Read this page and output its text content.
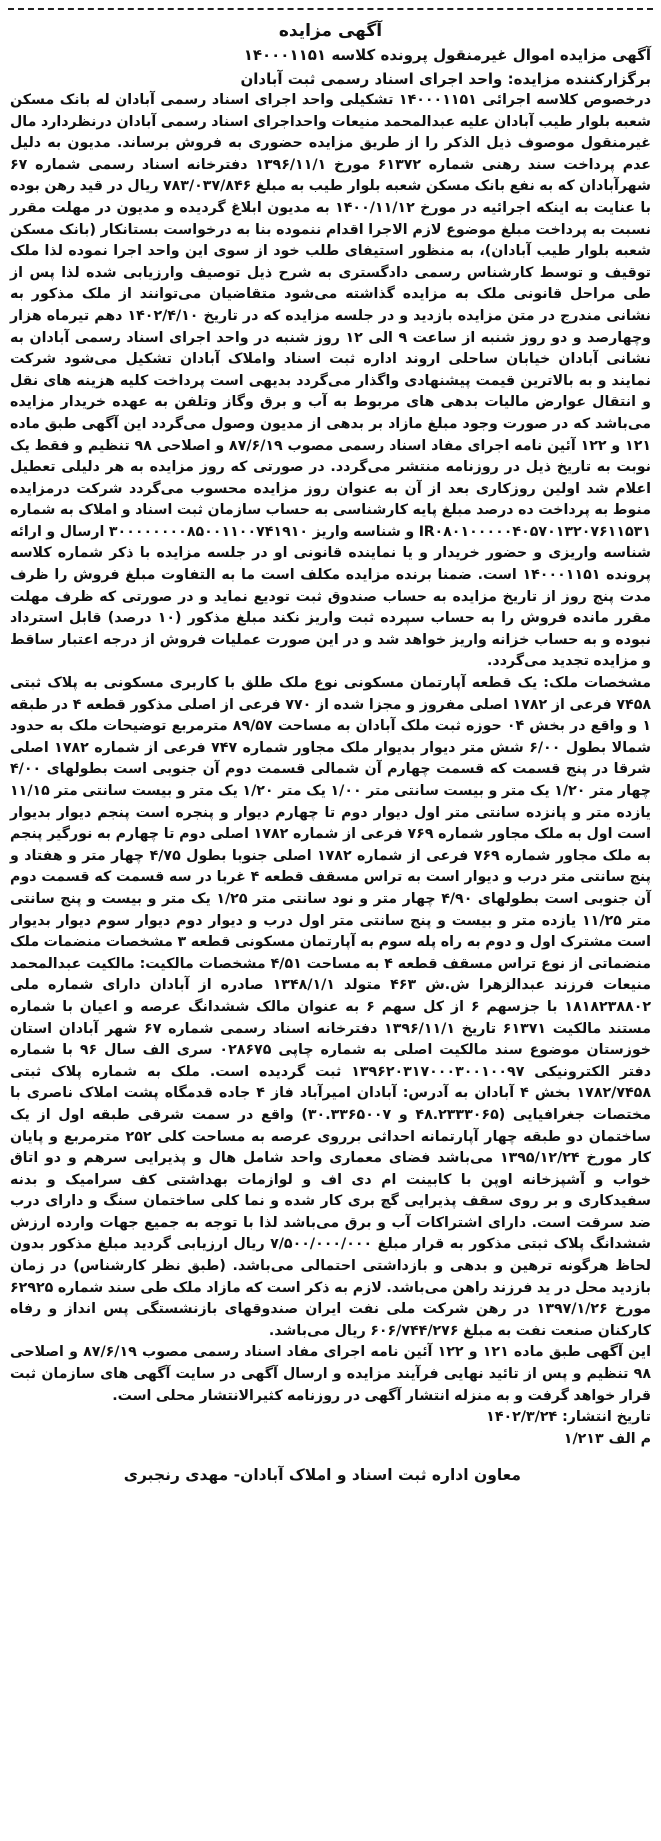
آگهی مزایده

آگهی مزایده اموال غیرمنقول پرونده کلاسه ۱۴۰۰۰۱۱۵۱

برگزارکننده مزایده: واحد اجرای اسناد رسمی ثبت آبادان

درخصوص کلاسه اجرائی ۱۴۰۰۰۱۱۵۱ تشکیلی واحد اجرای اسناد رسمی آبادان له بانک مسکن شعبه بلوار طیب آبادان علیه عبدالمحمد منیعات واحداجرای اسناد رسمی آبادان درنظردارد مال غیرمنقول موصوف ذیل الذکر را از طریق مزایده حضوری به فروش برساند. مدیون به دلیل عدم پرداخت سند رهنی شماره ۶۱۳۷۲ مورخ ۱۳۹۶/۱۱/۱ دفترخانه اسناد رسمی شماره ۶۷ شهرآبادان که به نفع بانک مسکن شعبه بلوار طیب به مبلغ ۷۸۳/۰۳۷/۸۴۶ ریال در قید رهن بوده با عنایت به اینکه اجرائیه در مورخ ۱۴۰۰/۱۱/۱۲ به مدیون ابلاغ گردیده و مدیون در مهلت مقرر نسبت به پرداخت مبلغ موضوع لازم الاجرا اقدام ننموده بنا به درخواست بستانکار (بانک مسکن شعبه بلوار طیب آبادان)، به منظور استیفای طلب خود از سوی این واحد اجرا نموده لذا ملک توقیف و توسط کارشناس رسمی دادگستری به شرح ذیل توصیف وارزیابی شده لذا پس از طی مراحل قانونی ملک به مزایده گذاشته می‌شود متقاضیان می‌توانند از ملک مذکور به نشانی مندرج در متن مزایده بازدید و در جلسه مزایده که در تاریخ ۱۴۰۲/۴/۱۰ دهم تیرماه هزار وچهارصد و دو روز شنبه از ساعت ۹ الی ۱۲ روز شنبه در واحد اجرای اسناد رسمی آبادان به نشانی آبادان خیابان ساحلی اروند اداره ثبت اسناد واملاک آبادان تشکیل می‌شود شرکت نمایند و به بالاترین قیمت پیشنهادی واگذار می‌گردد بدیهی است پرداخت کلیه هزینه های نقل و انتقال عوارض مالیات بدهی های مربوط به آب و برق وگاز وتلفن به عهده خریدار مزایده می‌باشد که در صورت وجود مبلغ مازاد بر بدهی از مدیون وصول می‌گردد این آگهی طبق ماده ۱۲۱ و ۱۲۲ آئین نامه اجرای مفاد اسناد رسمی مصوب ۸۷/۶/۱۹ و اصلاحی ۹۸ تنظیم و فقط یک نوبت به تاریخ ذیل در روزنامه منتشر می‌گردد. در صورتی که روز مزایده به هر دلیلی تعطیل اعلام شد اولین روزکاری بعد از آن به عنوان روز مزایده محسوب می‌گردد شرکت درمزایده منوط به پرداخت ده درصد مبلغ پایه کارشناسی به حساب سازمان ثبت اسناد و املاک به شماره IR۰۸۰۱۰۰۰۰۰۴۰۵۷۰۱۳۲۰۷۶۱۱۵۳۱ و شناسه واریز ۳۰۰۰۰۰۰۰۰۸۵۰۰۱۱۰۰۷۴۱۹۱۰ ارسال و ارائه شناسه واریزی و حضور خریدار و یا نماینده قانونی او در جلسه مزایده با ذکر شماره کلاسه پرونده ۱۴۰۰۰۱۱۵۱ است. ضمنا برنده مزایده مکلف است ما به التفاوت مبلغ فروش را ظرف مدت پنج روز از تاریخ مزایده به حساب صندوق ثبت تودیع نماید و در صورتی که ظرف مهلت مقرر مانده فروش را به حساب سپرده ثبت واریز نکند مبلغ مذکور (۱۰ درصد) قابل استرداد نبوده و به حساب خزانه واریز خواهد شد و در این صورت عملیات فروش از درجه اعتبار ساقط و مزایده تجدید می‌گردد.

مشخصات ملک: یک قطعه آپارتمان مسکونی نوع ملک طلق با کاربری مسکونی به پلاک ثبتی ۷۴۵۸ فرعی از ۱۷۸۲ اصلی مفروز و مجزا شده از ۷۷۰ فرعی از اصلی مذکور قطعه ۴ در طبقه ۱ و واقع در بخش ۰۴ حوزه ثبت ملک آبادان به مساحت ۸۹/۵۷ مترمربع توضیحات ملک به حدود شمالا بطول ۶/۰۰ شش متر دیوار بدیوار ملک مجاور شماره ۷۴۷ فرعی از شماره ۱۷۸۲ اصلی شرقا در پنج قسمت که قسمت چهارم آن شمالی قسمت دوم آن جنوبی است بطولهای ۴/۰۰ چهار متر ۱/۲۰ یک متر و بیست سانتی متر ۱/۰۰ یک متر ۱/۲۰ یک متر و بیست سانتی متر ۱۱/۱۵ یازده متر و پانزده سانتی متر اول دیوار دوم تا چهارم دیوار و پنجره است پنجم دیوار بدیوار است اول به ملک مجاور شماره ۷۶۹ فرعی از شماره ۱۷۸۲ اصلی دوم تا چهارم به نورگیر پنجم به ملک مجاور شماره ۷۶۹ فرعی از شماره ۱۷۸۲ اصلی جنوبا بطول ۴/۷۵ چهار متر و هفتاد و پنج سانتی متر درب و دیوار است به تراس مسقف قطعه ۴ غربا در سه قسمت که قسمت دوم آن جنوبی است بطولهای ۴/۹۰ چهار متر و نود سانتی متر ۱/۲۵ یک متر و بیست و پنج سانتی متر ۱۱/۲۵ یازده متر و بیست و پنج سانتی متر اول درب و دیوار دوم دیوار سوم دیوار بدیوار است مشترک اول و دوم به راه پله سوم به آپارتمان مسکونی قطعه ۳ مشخصات منضمات ملک منضماتی از نوع تراس مسقف قطعه ۴ به مساحت ۴/۵۱ مشخصات مالکیت: مالکیت عبدالمحمد منیعات فرزند عبدالزهرا ش.ش ۴۶۳ متولد ۱۳۴۸/۱/۱ صادره از آبادان دارای شماره ملی ۱۸۱۸۲۳۸۸۰۲ با جزسهم ۶ از کل سهم ۶ به عنوان مالک ششدانگ عرصه و اعیان با شماره مستند مالکیت ۶۱۳۷۱ تاریخ ۱۳۹۶/۱۱/۱ دفترخانه اسناد رسمی شماره ۶۷ شهر آبادان استان خوزستان موضوع سند مالکیت اصلی به شماره چاپی ۰۲۸۶۷۵ سری الف سال ۹۶ با شماره دفتر الکترونیکی ۱۳۹۶۲۰۳۱۷۰۰۰۳۰۰۱۰۰۹۷ ثبت گردیده است. ملک به شماره پلاک ثبتی ۱۷۸۲/۷۴۵۸ بخش ۴ آبادان به آدرس: آبادان امیرآباد فاز ۴ جاده قدمگاه پشت املاک ناصری با مختصات جغرافیایی (۴۸.۲۳۳۳۰۶۵ و ۳۰.۳۳۶۵۰۰۷) واقع در سمت شرقی طبقه اول از یک ساختمان دو طبقه چهار آپارتمانه احداثی برروی عرصه به مساحت کلی ۲۵۲ مترمربع و پایان کار مورخ ۱۳۹۵/۱۲/۲۴ می‌باشد فضای معماری واحد شامل هال و پذیرایی سرهم و دو اتاق خواب و آشپزخانه اوپن با کابینت ام دی اف و لوازمات بهداشتی کف سرامیک و بدنه سفیدکاری و بر روی سقف پذیرایی گچ بری کار شده و نما کلی ساختمان سنگ و دارای درب ضد سرقت است. دارای اشتراکات آب و برق می‌باشد لذا با توجه به جمیع جهات وارده ارزش ششدانگ پلاک ثبتی مذکور به قرار مبلغ ۷/۵۰۰/۰۰۰/۰۰۰ ریال ارزیابی گردید مبلغ مذکور بدون لحاظ هرگونه ترهین و بدهی و بازداشتی احتمالی می‌باشد. (طبق نظر کارشناس) در زمان بازدید محل در ید فرزند راهن می‌باشد. لازم به ذکر است که مازاد ملک طی سند شماره ۶۲۹۲۵ مورخ ۱۳۹۷/۱/۲۶ در رهن شرکت ملی نفت ایران صندوقهای بازنشستگی پس انداز و رفاه کارکنان صنعت نفت به مبلغ ۶۰۶/۷۴۴/۲۷۶ ریال می‌باشد.

این آگهی طبق ماده ۱۲۱ و ۱۲۲ آئین نامه اجرای مفاد اسناد رسمی مصوب ۸۷/۶/۱۹ و اصلاحی ۹۸ تنظیم و پس از تائید نهایی فرآیند مزایده و ارسال آگهی در سایت آگهی های سازمان ثبت قرار خواهد گرفت و به منزله انتشار آگهی در روزنامه کثیرالانتشار محلی است.

تاریخ انتشار: ۱۴۰۲/۳/۲۴

م الف ۱/۲۱۳

معاون اداره ثبت اسناد و املاک آبادان- مهدی رنجبری
